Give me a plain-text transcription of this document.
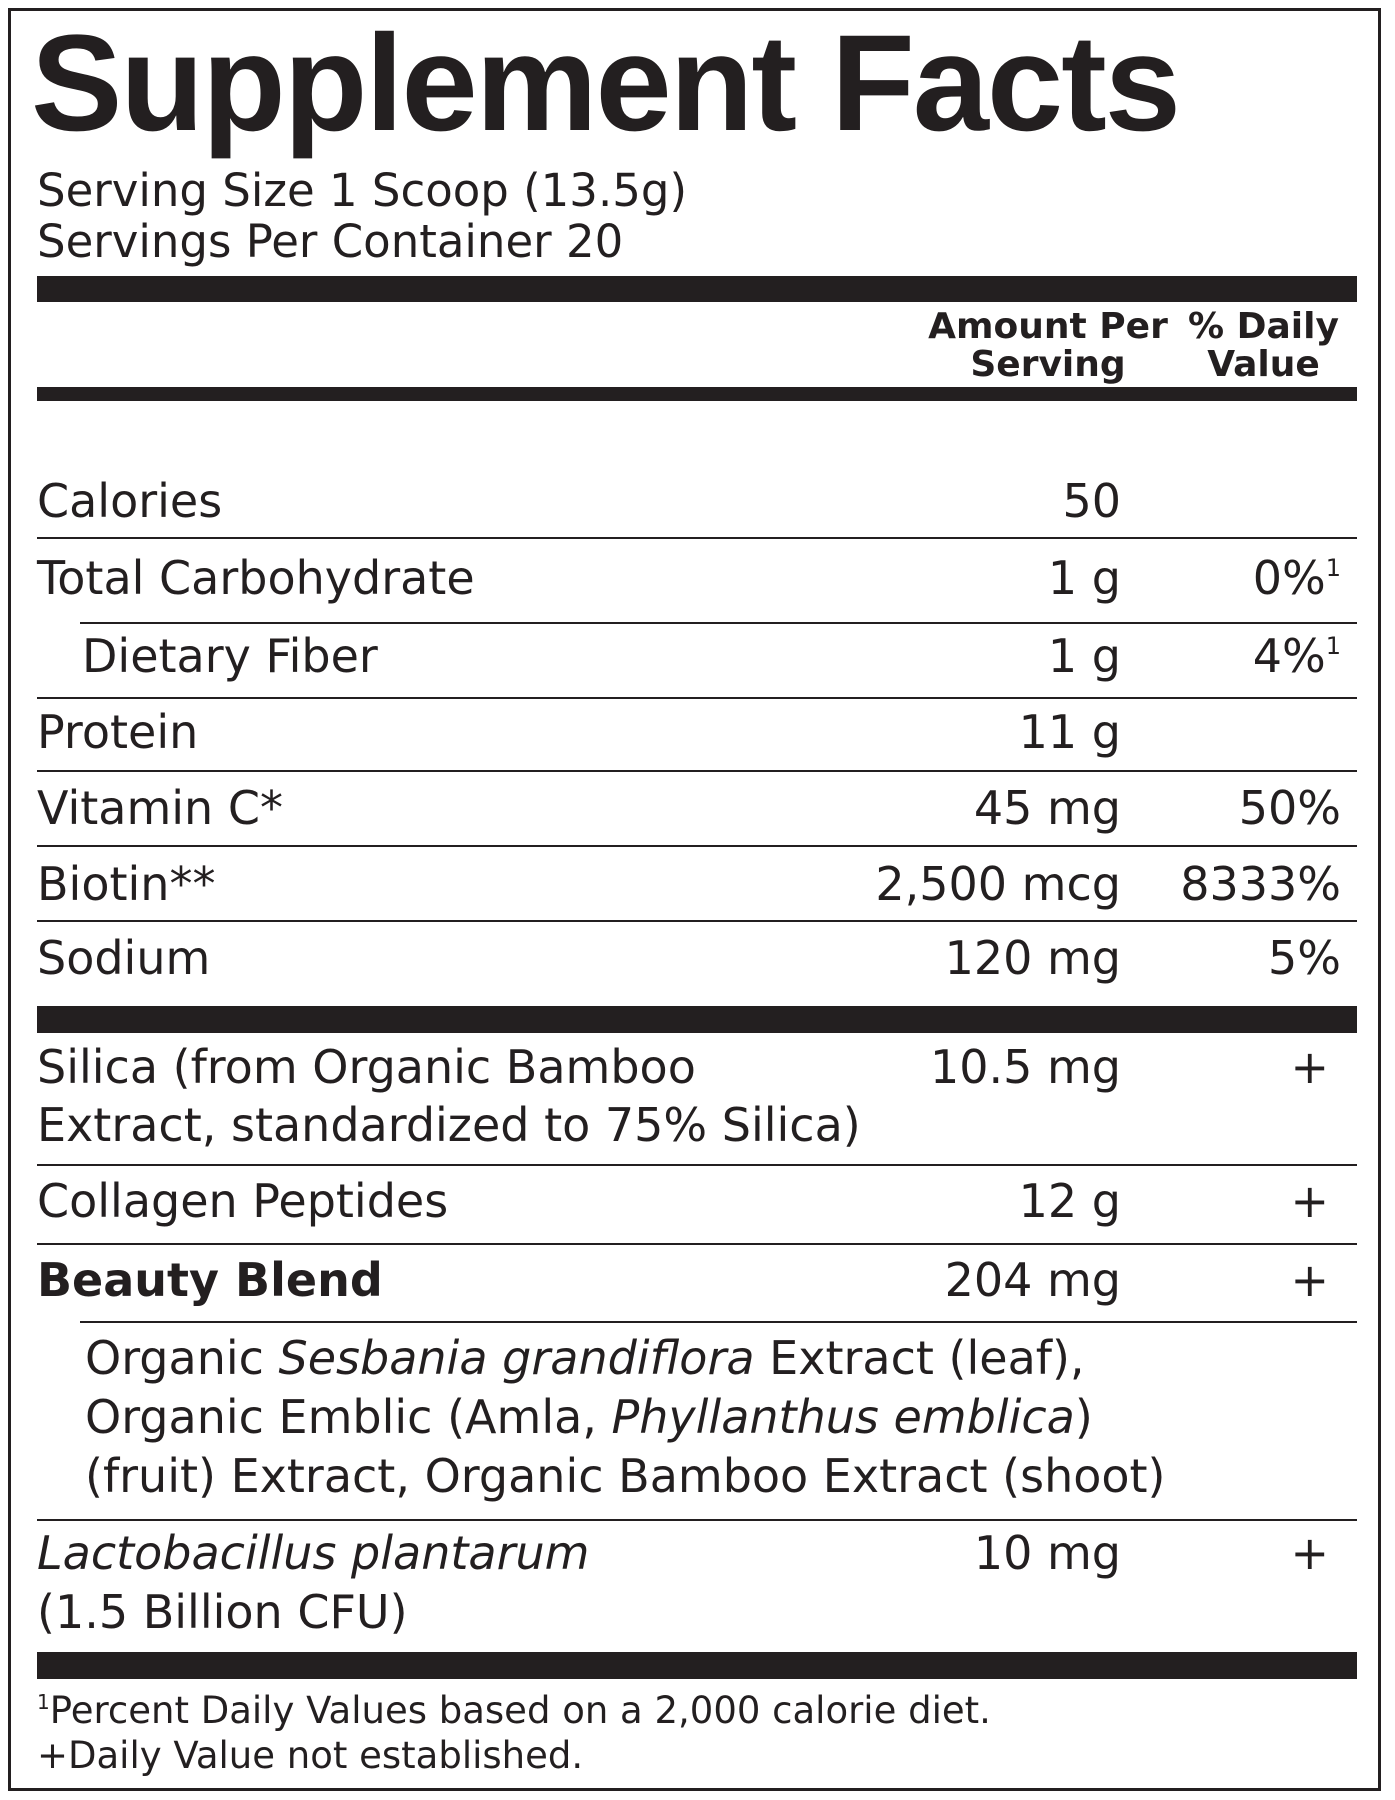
Supplement Facts
Serving Size 1 Scoop (13.5g)
Servings Per Container 20
Amount Per
Serving
% Daily
Value
Calories	50
Total Carbohydrate	1 g	0%$^1$
Dietary Fiber	1 g	4%$^1$
Protein	11 g
Vitamin C*	45 mg	50%
Biotin**	2,500 mcg 8333%
Sodium	120 mg	5%
Silica (from Organic Bamboo
Extract, standardized to 75% Silica)
10.5 mg	+
Collagen Peptides	12 g	+
Beauty Blend	204 mg	+
Organic Sesbania grandiflora Extract (leaf),
Organic Emblic (Amla, Phyllanthus emblica)
(fruit) Extract, Organic Bamboo Extract (shoot)
Lactobacillus plantarum
(1.5 Billion CFU)
10 mg	+
$^1$Percent Daily Values based on a 2,000 calorie diet.
+Daily Value not established.
